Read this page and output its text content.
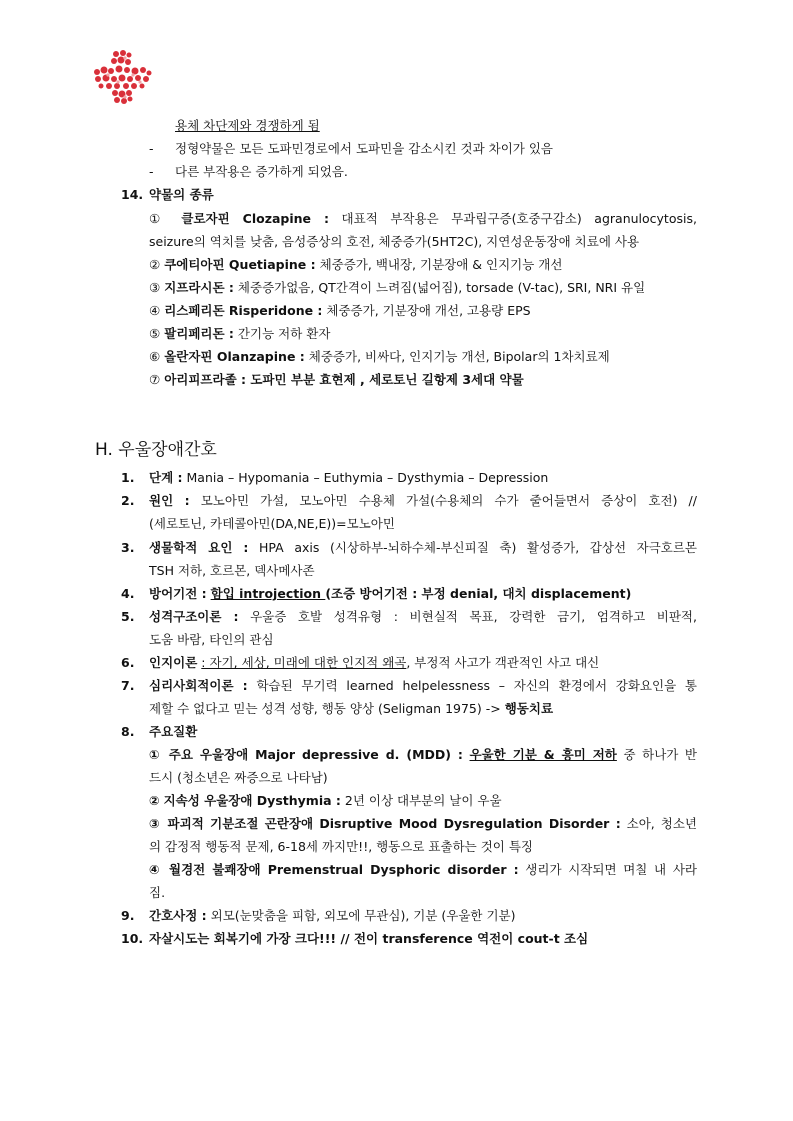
용체 차단제와 경쟁하게 됨
- 정형약물은 모든 도파민경로에서 도파민을 감소시킨 것과 차이가 있음
- 다른 부작용은 증가하게 되었음.
14. 약물의 종류
① 클로자핀 Clozapine : 대표적 부작용은 무과립구증(호중구감소) agranulocytosis,
seizure의 역치를 낮춤, 음성증상의 호전, 체중증가(5HT2C), 지연성운동장애 치료에 사용
② 쿠에티아핀 Quetiapine : 체중증가, 백내장, 기분장애 & 인지기능 개선
③ 지프라시돈 : 체중증가없음, QT간격이 느려짐(넓어짐), torsade (V-tac), SRI, NRI 유일
④ 리스페리돈 Risperidone : 체중증가, 기분장애 개선, 고용량 EPS
⑤ 팔리페리돈 : 간기능 저하 환자
⑥ 올란자핀 Olanzapine : 체중증가, 비싸다, 인지기능 개선, Bipolar의 1차치료제
⑦ 아리피프라졸 : 도파민 부분 효현제 , 세로토닌 길항제 3세대 약물
H. 우울장애간호
1. 단계 : Mania – Hypomania – Euthymia – Dysthymia – Depression
2. 원인 : 모노아민 가설, 모노아민 수용체 가설(수용체의 수가 줄어들면서 증상이 호전) //
(세로토닌, 카테콜아민(DA,NE,E))=모노아민
3. 생물학적 요인 : HPA axis (시상하부-뇌하수체-부신피질 축) 활성증가, 갑상선 자극호르몬
TSH 저하, 호르몬, 덱사메사존
4. 방어기전 : 함입 introjection (조증 방어기전 : 부정 denial, 대치 displacement)
5. 성격구조이론 : 우울증 호발 성격유형 : 비현실적 목표, 강력한 금기, 엄격하고 비판적,
도움 바람, 타인의 관심
6. 인지이론 : 자기, 세상, 미래에 대한 인지적 왜곡, 부정적 사고가 객관적인 사고 대신
7. 심리사회적이론 : 학습된 무기력 learned helpelessness – 자신의 환경에서 강화요인을 통
제할 수 없다고 믿는 성격 성향, 행동 양상 (Seligman 1975) -> 행동치료
8. 주요질환
① 주요 우울장애 Major depressive d. (MDD) : 우울한 기분 & 흥미 저하 중 하나가 반
드시 (청소년은 짜증으로 나타남)
② 지속성 우울장애 Dysthymia : 2년 이상 대부분의 날이 우울
③ 파괴적 기분조절 곤란장애 Disruptive Mood Dysregulation Disorder : 소아, 청소년
의 감정적 행동적 문제, 6-18세 까지만!!, 행동으로 표출하는 것이 특징
④ 월경전 불쾌장애 Premenstrual Dysphoric disorder : 생리가 시작되면 며칠 내 사라
짐.
9. 간호사정 : 외모(눈맞춤을 피함, 외모에 무관심), 기분 (우울한 기분)
10. 자살시도는 회복기에 가장 크다!!! // 전이 transference 역전이 cout-t 조심
